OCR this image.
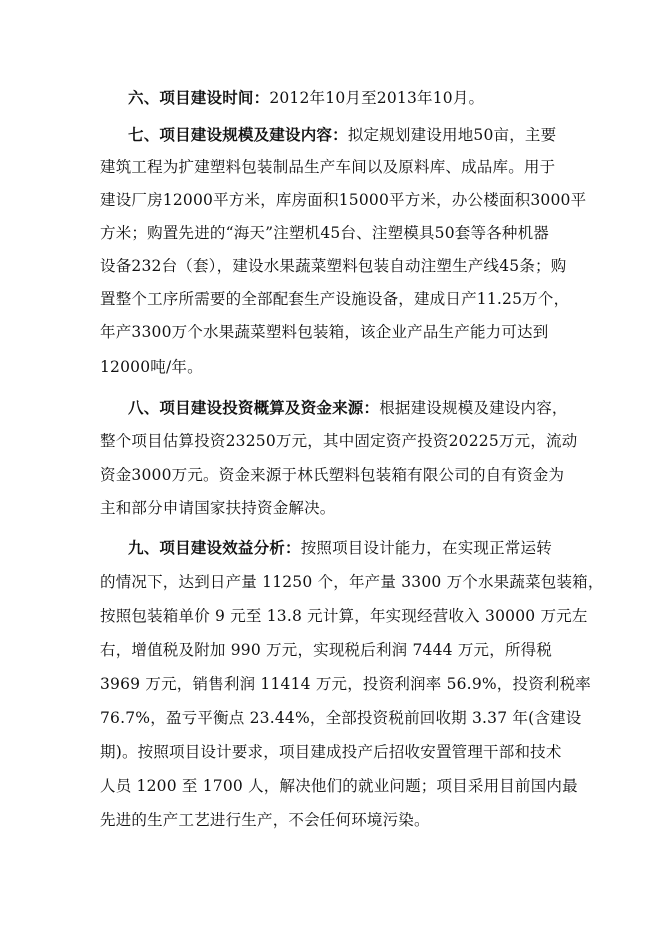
六、项目建设时间：2012年10月至2013年10月。
七、项目建设规模及建设内容：拟定规划建设用地50亩，主要
建筑工程为扩建塑料包装制品生产车间以及原料库、成品库。用于
建设厂房12000平方米，库房面积15000平方米，办公楼面积3000平
方米；购置先进的“海天”注塑机45台、注塑模具50套等各种机器
设备232台（套），建设水果蔬菜塑料包装自动注塑生产线45条；购
置整个工序所需要的全部配套生产设施设备，建成日产11.25万个，
年产3300万个水果蔬菜塑料包装箱，该企业产品生产能力可达到
12000吨/年。
八、项目建设投资概算及资金来源：根据建设规模及建设内容，
整个项目估算投资23250万元，其中固定资产投资20225万元，流动
资金3000万元。资金来源于林氏塑料包装箱有限公司的自有资金为
主和部分申请国家扶持资金解决。
九、项目建设效益分析：按照项目设计能力，在实现正常运转
的情况下，达到日产量 11250 个，年产量 3300 万个水果蔬菜包装箱，
按照包装箱单价 9 元至 13.8 元计算，年实现经营收入 30000 万元左
右，增值税及附加 990 万元，实现税后利润 7444 万元，所得税
3969 万元，销售利润 11414 万元，投资利润率 56.9%，投资利税率
76.7%，盈亏平衡点 23.44%，全部投资税前回收期 3.37 年(含建设
期)。按照项目设计要求，项目建成投产后招收安置管理干部和技术
人员 1200 至 1700 人，解决他们的就业问题；项目采用目前国内最
先进的生产工艺进行生产，不会任何环境污染。
